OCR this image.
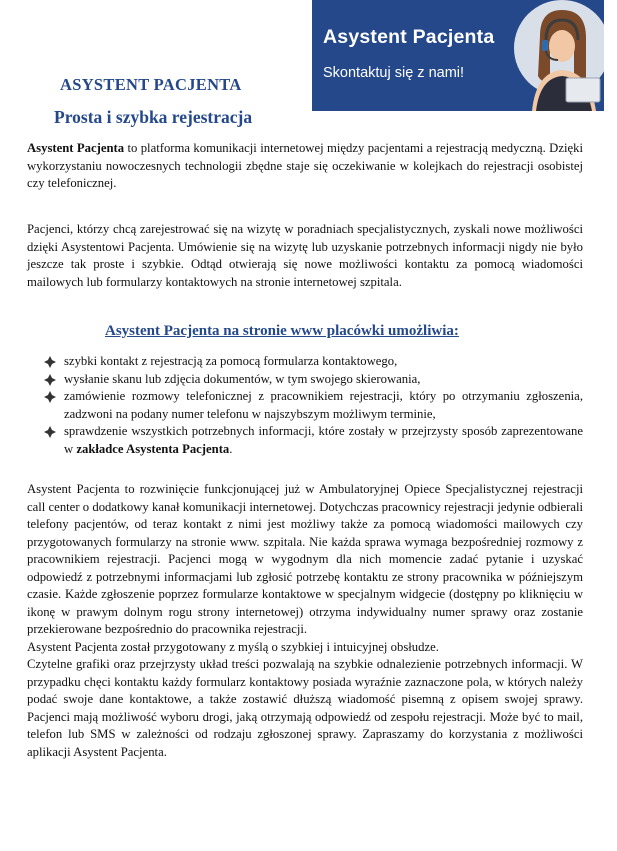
Asystent Pacjenta
Skontaktuj się z nami!
ASYSTENT PACJENTA
Prosta i szybka rejestracja

Asystent Pacjenta to platforma komunikacji internetowej między pacjentami a rejestracją medyczną. Dzięki wykorzystaniu nowoczesnych technologii zbędne staje się oczekiwanie w kolejkach do rejestracji osobistej czy telefonicznej.

Pacjenci, którzy chcą zarejestrować się na wizytę w poradniach specjalistycznych, zyskali nowe możliwości dzięki Asystentowi Pacjenta. Umówienie się na wizytę lub uzyskanie potrzebnych informacji nigdy nie było jeszcze tak proste i szybkie. Odtąd otwierają się nowe możliwości kontaktu za pomocą wiadomości mailowych lub formularzy kontaktowych na stronie internetowej szpitala.

Asystent Pacjenta na stronie www placówki umożliwia:
szybki kontakt z rejestracją za pomocą formularza kontaktowego,
wysłanie skanu lub zdjęcia dokumentów, w tym swojego skierowania,
zamówienie rozmowy telefonicznej z pracownikiem rejestracji, który po otrzymaniu zgłoszenia, zadzwoni na podany numer telefonu w najszybszym możliwym terminie,
sprawdzenie wszystkich potrzebnych informacji, które zostały w przejrzysty sposób zaprezentowane w zakładce Asystenta Pacjenta.

Asystent Pacjenta to rozwinięcie funkcjonującej już w Ambulatoryjnej Opiece Specjalistycznej rejestracji call center o dodatkowy kanał komunikacji internetowej. Dotychczas pracownicy rejestracji jedynie odbierali telefony pacjentów, od teraz kontakt z nimi jest możliwy także za pomocą wiadomości mailowych czy przygotowanych formularzy na stronie www. szpitala. Nie każda sprawa wymaga bezpośredniej rozmowy z pracownikiem rejestracji. Pacjenci mogą w wygodnym dla nich momencie zadać pytanie i uzyskać odpowiedź z potrzebnymi informacjami lub zgłosić potrzebę kontaktu ze strony pracownika w późniejszym czasie. Każde zgłoszenie poprzez formularze kontaktowe w specjalnym widgecie (dostępny po kliknięciu w ikonę w prawym dolnym rogu strony internetowej) otrzyma indywidualny numer sprawy oraz zostanie przekierowane bezpośrednio do pracownika rejestracji.

Asystent Pacjenta został przygotowany z myślą o szybkiej i intuicyjnej obsłudze.

Czytelne grafiki oraz przejrzysty układ treści pozwalają na szybkie odnalezienie potrzebnych informacji. W przypadku chęci kontaktu każdy formularz kontaktowy posiada wyraźnie zaznaczone pola, w których należy podać swoje dane kontaktowe, a także zostawić dłuższą wiadomość pisemną z opisem swojej sprawy. Pacjenci mają możliwość wyboru drogi, jaką otrzymają odpowiedź od zespołu rejestracji. Może być to mail, telefon lub SMS w zależności od rodzaju zgłoszonej sprawy. Zapraszamy do korzystania z możliwości aplikacji Asystent Pacjenta.
